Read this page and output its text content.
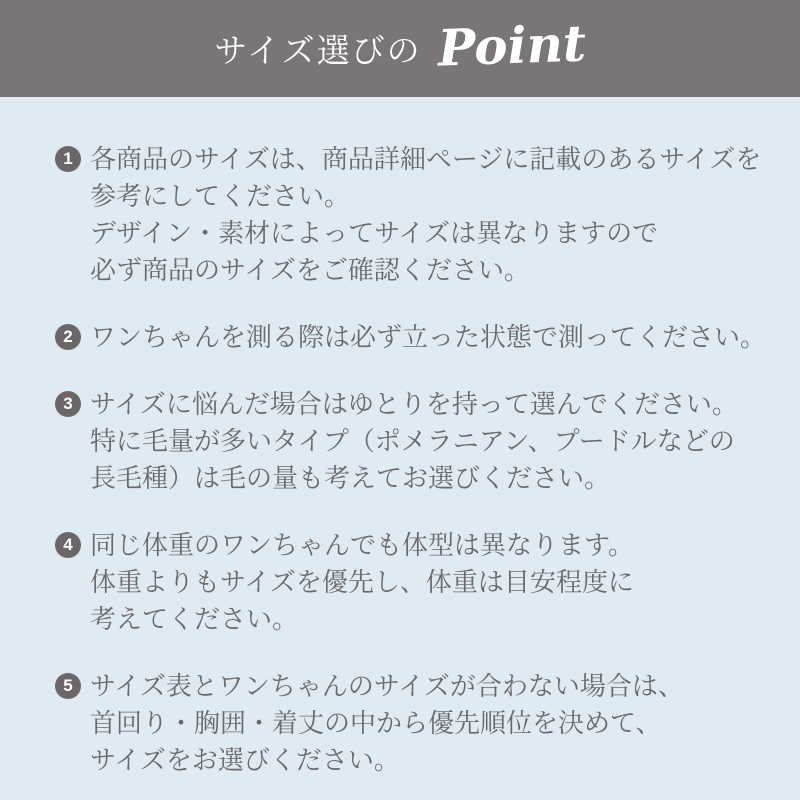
サイズ選びの Point
1 各商品のサイズは、商品詳細ページに記載のあるサイズを
参考にしてください。
デザイン・素材によってサイズは異なりますので
必ず商品のサイズをご確認ください。
2 ワンちゃんを測る際は必ず立った状態で測ってください。
3 サイズに悩んだ場合はゆとりを持って選んでください。
特に毛量が多いタイプ（ポメラニアン、プードルなどの
長毛種）は毛の量も考えてお選びください。
4 同じ体重のワンちゃんでも体型は異なります。
体重よりもサイズを優先し、体重は目安程度に
考えてください。
5 サイズ表とワンちゃんのサイズが合わない場合は、
首回り・胸囲・着丈の中から優先順位を決めて、
サイズをお選びください。
